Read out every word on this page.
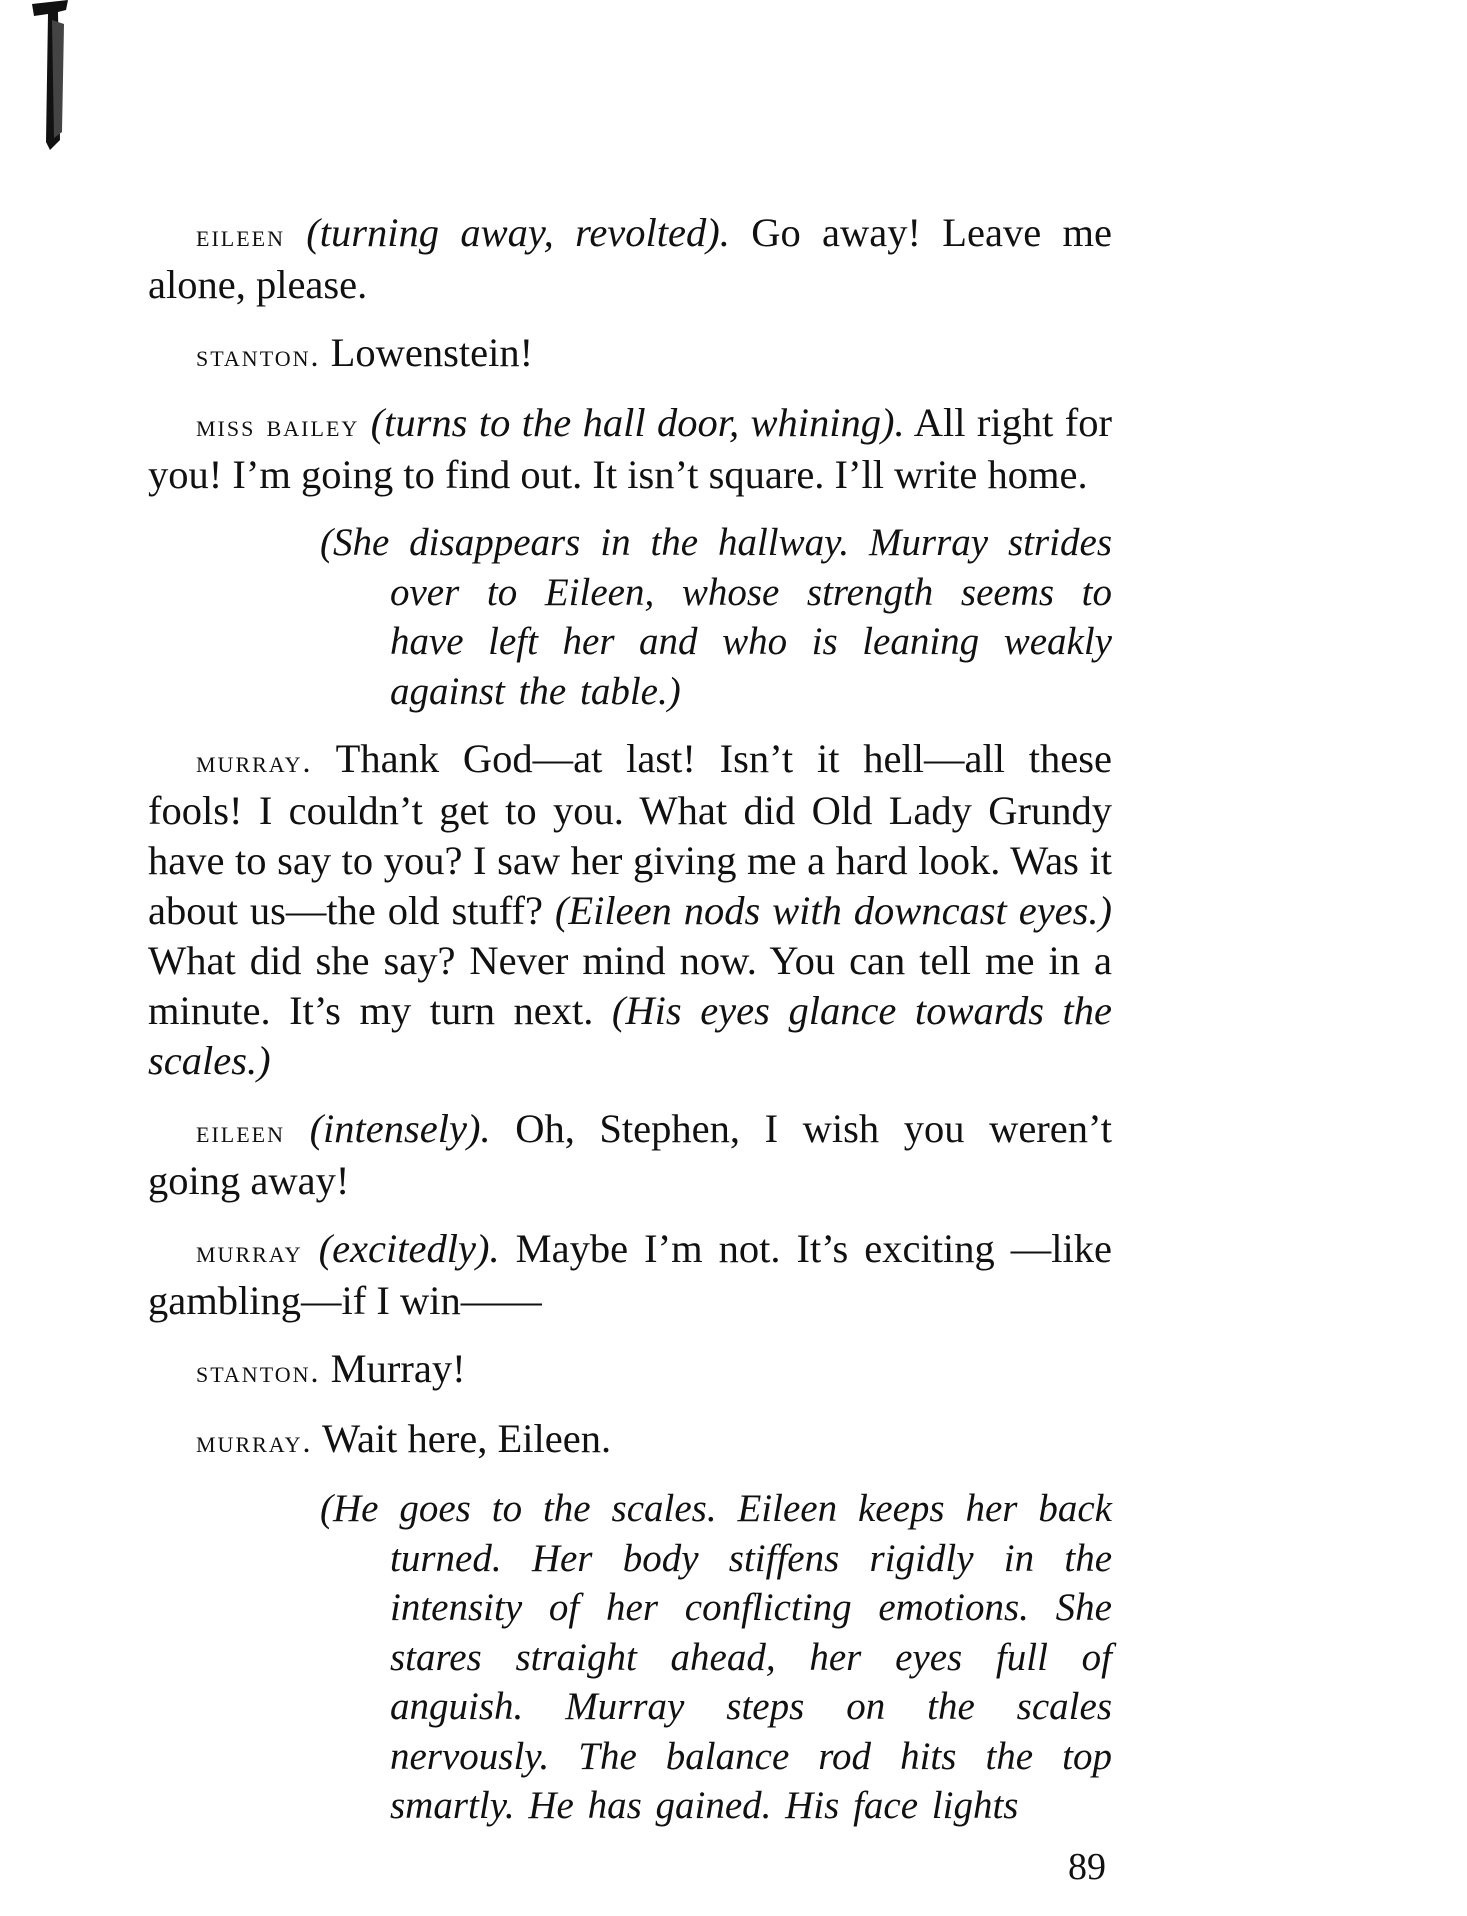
eileen (turning away, revolted). Go away! Leave me alone, please.

stanton. Lowenstein!

miss bailey (turns to the hall door, whining). All right for you! I’m going to find out. It isn’t square. I’ll write home.

(She disappears in the hallway. Murray strides over to Eileen, whose strength seems to have left her and who is leaning weakly against the table.)

murray. Thank God—at last! Isn’t it hell—all these fools! I couldn’t get to you. What did Old Lady Grundy have to say to you? I saw her giving me a hard look. Was it about us—the old stuff? (Eileen nods with downcast eyes.) What did she say? Never mind now. You can tell me in a minute. It’s my turn next. (His eyes glance towards the scales.)

eileen (intensely). Oh, Stephen, I wish you weren’t going away!

murray (excitedly). Maybe I’m not. It’s exciting —like gambling—if I win——

stanton. Murray!

murray. Wait here, Eileen.

(He goes to the scales. Eileen keeps her back turned. Her body stiffens rigidly in the intensity of her conflicting emotions. She stares straight ahead, her eyes full of anguish. Murray steps on the scales nervously. The balance rod hits the top smartly. He has gained. His face lights

89
